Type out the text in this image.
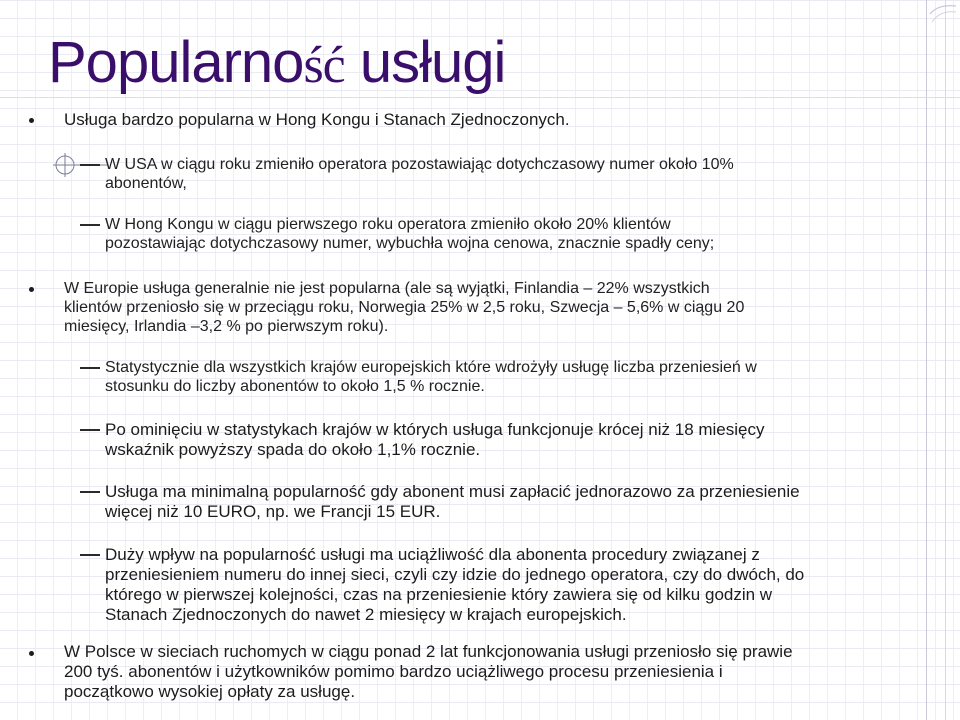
Popularność usługi
Usługa bardzo popularna w Hong Kongu i Stanach Zjednoczonych.
W USA w ciągu roku zmieniło operatora pozostawiając dotychczasowy numer około 10%
abonentów,
W Hong Kongu w ciągu pierwszego roku operatora zmieniło około 20% klientów
pozostawiając dotychczasowy numer, wybuchła wojna cenowa, znacznie spadły ceny;
W Europie usługa generalnie nie jest popularna (ale są wyjątki, Finlandia – 22% wszystkich
klientów przeniosło się w przeciągu roku, Norwegia 25% w 2,5 roku, Szwecja – 5,6% w ciągu 20
miesięcy, Irlandia –3,2 % po pierwszym roku).
Statystycznie dla wszystkich krajów europejskich które wdrożyły usługę liczba przeniesień w
stosunku do liczby abonentów to około 1,5 % rocznie.
Po ominięciu w statystykach krajów w których usługa funkcjonuje krócej niż 18 miesięcy
wskaźnik powyższy spada do około 1,1% rocznie.
Usługa ma minimalną popularność gdy abonent musi zapłacić jednorazowo za przeniesienie
więcej niż 10 EURO, np. we Francji 15 EUR.
Duży wpływ na popularność usługi ma uciążliwość dla abonenta procedury związanej z
przeniesieniem numeru do innej sieci, czyli czy idzie do jednego operatora, czy do dwóch, do
którego w pierwszej kolejności, czas na przeniesienie który zawiera się od kilku godzin w
Stanach Zjednoczonych do nawet 2 miesięcy w krajach europejskich.
W Polsce w sieciach ruchomych w ciągu ponad 2 lat funkcjonowania usługi przeniosło się prawie
200 tyś. abonentów i użytkowników pomimo bardzo uciążliwego procesu przeniesienia i
początkowo wysokiej opłaty za usługę.
